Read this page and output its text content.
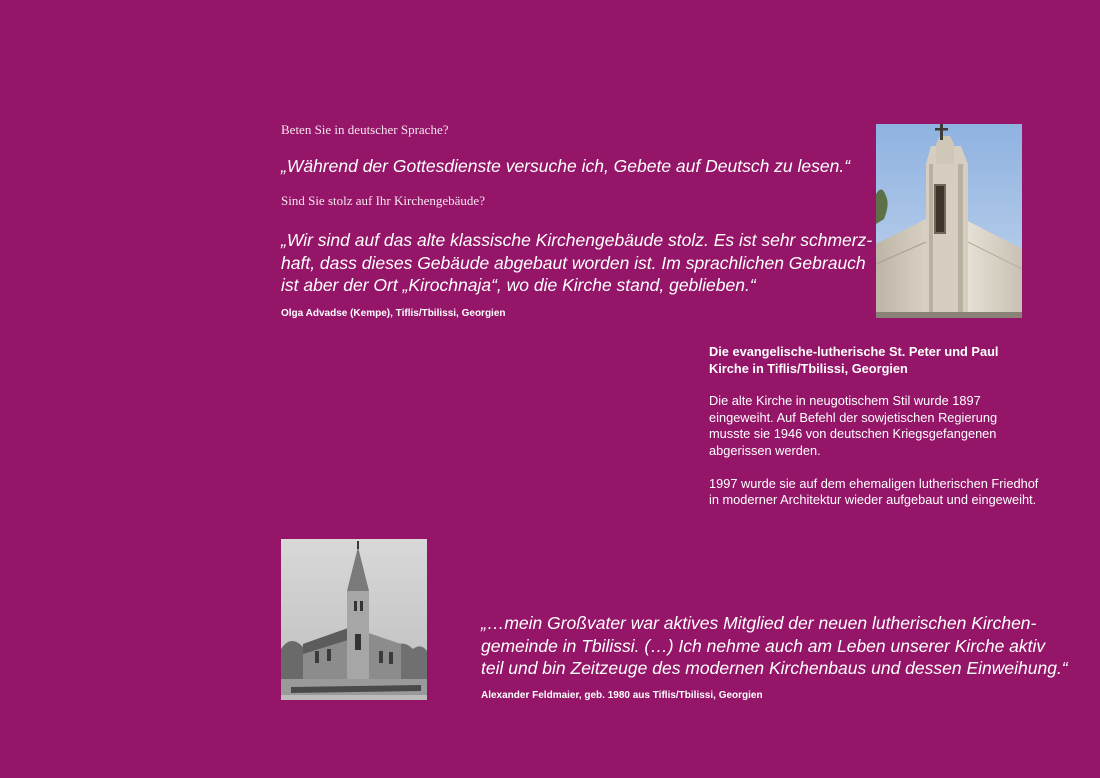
Beten Sie in deutscher Sprache?
„Während der Gottesdienste versuche ich, Gebete auf Deutsch zu lesen.“
Sind Sie stolz auf Ihr Kirchengebäude?
„Wir sind auf das alte klassische Kirchengebäude stolz. Es ist sehr schmerz-
haft, dass dieses Gebäude abgebaut worden ist. Im sprachlichen Gebrauch
ist aber der Ort „Kirochnaja“, wo die Kirche stand, geblieben.“
Olga Advadse (Kempe), Tiflis/Tbilissi, Georgien

Die evangelische-lutherische St. Peter und Paul Kirche in Tiflis/Tbilissi, Georgien

Die alte Kirche in neugotischem Stil wurde 1897 eingeweiht. Auf Befehl der sowjetischen Regierung musste sie 1946 von deutschen Kriegsgefangenen abgerissen werden.

1997 wurde sie auf dem ehemaligen lutherischen Friedhof in moderner Architektur wieder aufgebaut und eingeweiht.

„…mein Großvater war aktives Mitglied der neuen lutherischen Kirchen-
gemeinde in Tbilissi. (…) Ich nehme auch am Leben unserer Kirche aktiv
teil und bin Zeitzeuge des modernen Kirchenbaus und dessen Einweihung.“
Alexander Feldmaier, geb. 1980 aus Tiflis/Tbilissi, Georgien
